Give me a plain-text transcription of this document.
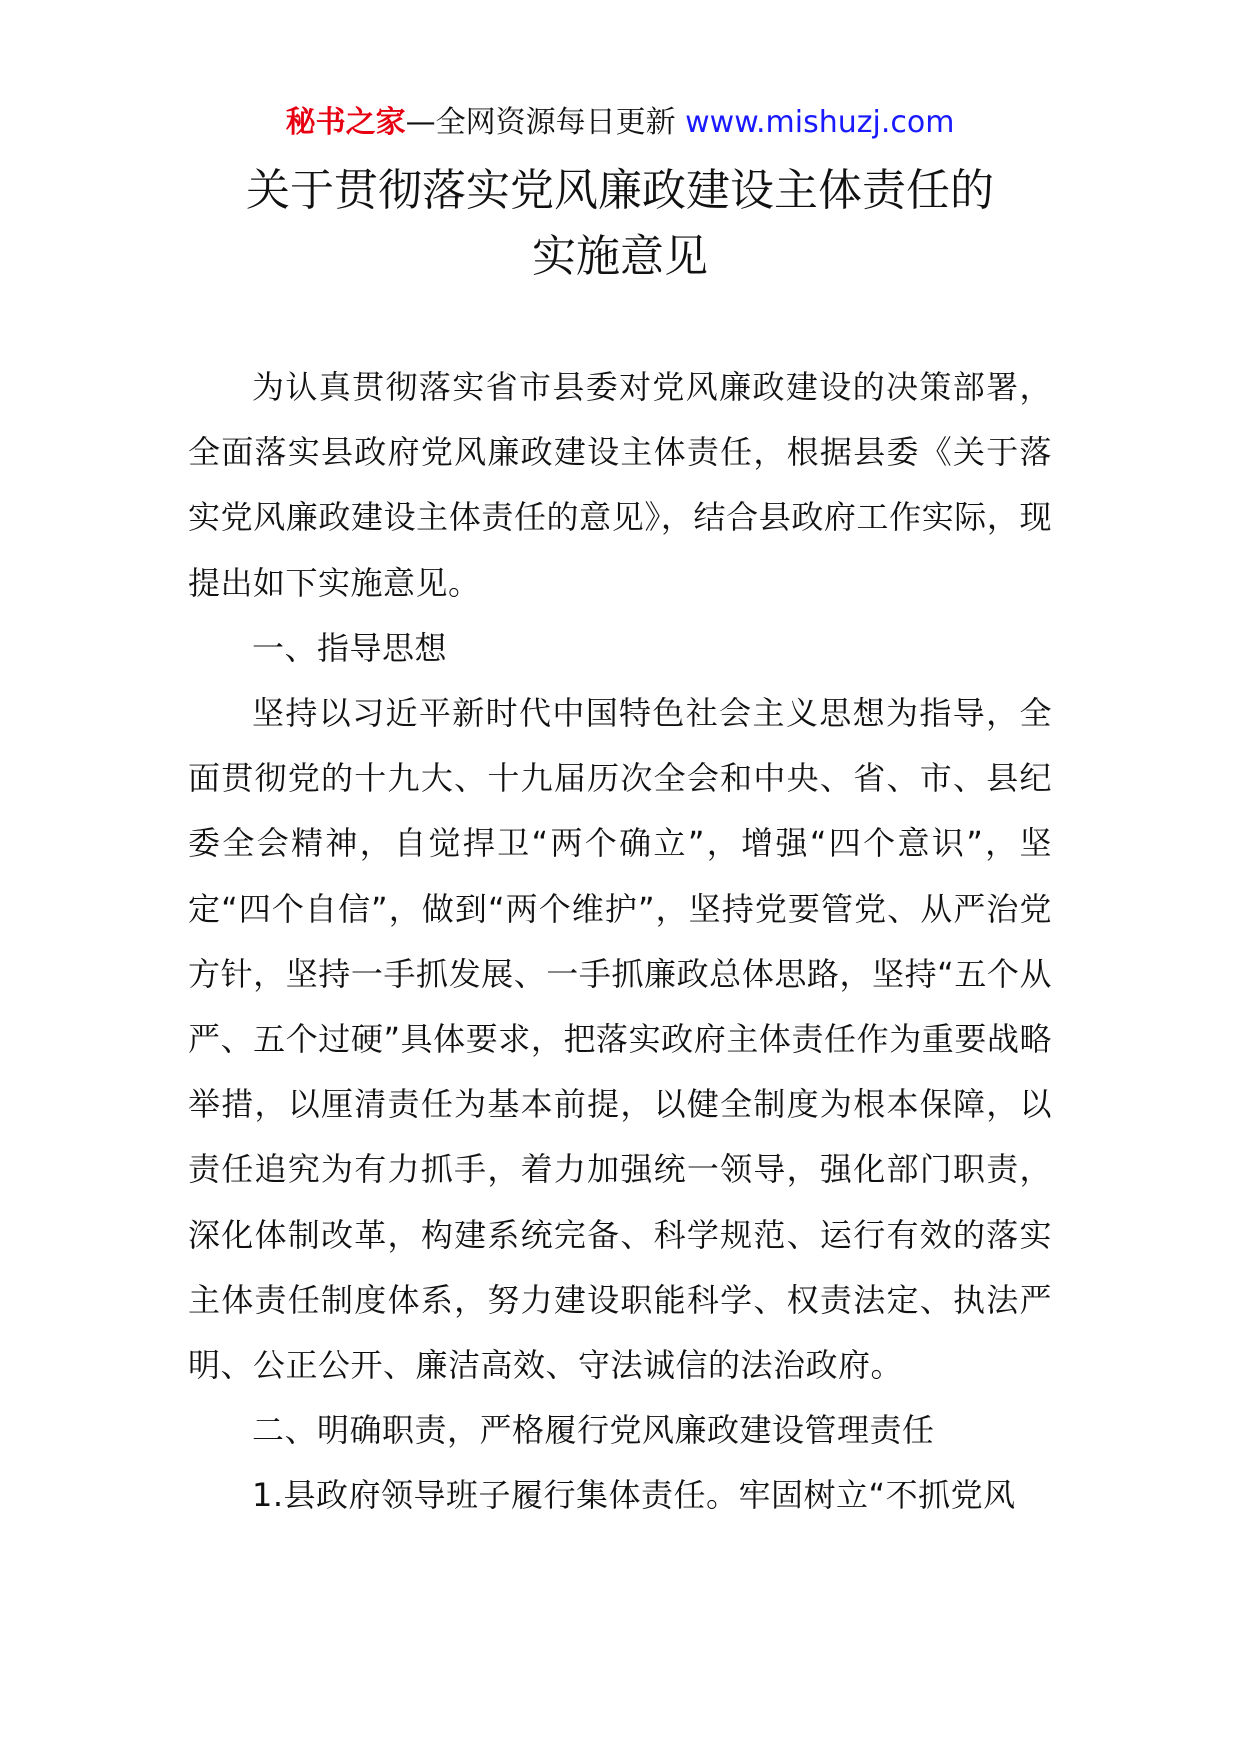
秘书之家—全网资源每日更新 www.mishuzj.com
关于贯彻落实党风廉政建设主体责任的
实施意见

为认真贯彻落实省市县委对党风廉政建设的决策部署，全面落实县政府党风廉政建设主体责任，根据县委《关于落实党风廉政建设主体责任的意见》，结合县政府工作实际，现提出如下实施意见。

一、指导思想

坚持以习近平新时代中国特色社会主义思想为指导，全面贯彻党的十九大、十九届历次全会和中央、省、市、县纪委全会精神，自觉捍卫“两个确立”，增强“四个意识”，坚定“四个自信”，做到“两个维护”，坚持党要管党、从严治党方针，坚持一手抓发展、一手抓廉政总体思路，坚持“五个从严、五个过硬”具体要求，把落实政府主体责任作为重要战略举措，以厘清责任为基本前提，以健全制度为根本保障，以责任追究为有力抓手，着力加强统一领导，强化部门职责，深化体制改革，构建系统完备、科学规范、运行有效的落实主体责任制度体系，努力建设职能科学、权责法定、执法严明、公正公开、廉洁高效、守法诚信的法治政府。

二、明确职责，严格履行党风廉政建设管理责任

1.县政府领导班子履行集体责任。牢固树立“不抓党风
